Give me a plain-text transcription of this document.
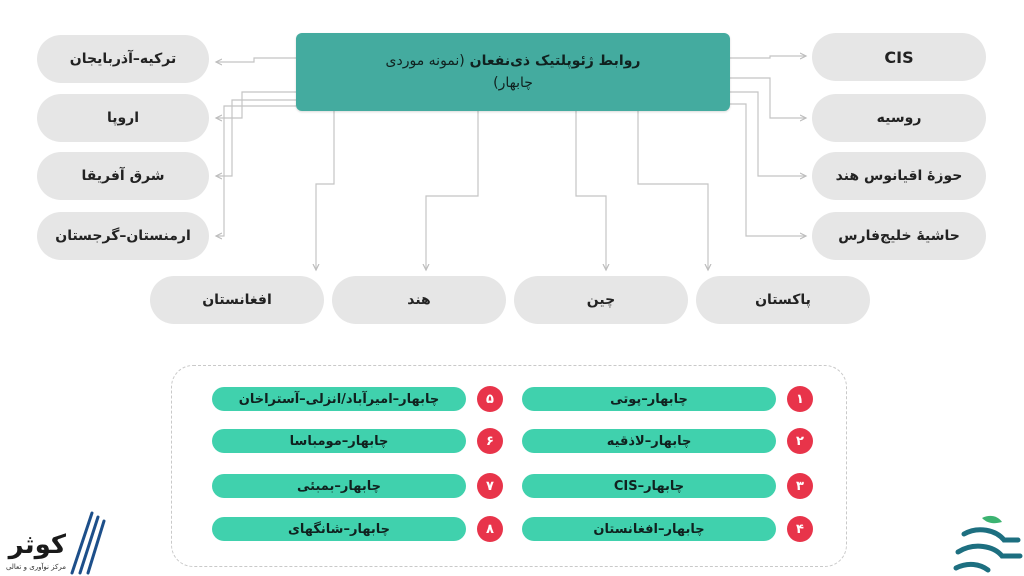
روابط ژئوپلتیک ذی‌نفعان (نمونه موردی
چابهار)
ترکیه–آذربایجان
اروپا
شرق آفریقا
ارمنستان–گرجستان
CIS
روسیه
حوزهٔ اقیانوس هند
حاشیهٔ خلیج‌فارس
افغانستان	هند	چین	پاکستان
چابهار–پوتی	۱
چابهار–لاذقیه	۲
چابهار–CIS	۳
چابهار–افغانستان	۴
چابهار–امیرآباد/انزلی–آستراخان	۵
چابهار–مومباسا	۶
چابهار–بمبئی	۷
چابهار–شانگهای	۸
کوثر
مرکز نوآوری و تعالی
